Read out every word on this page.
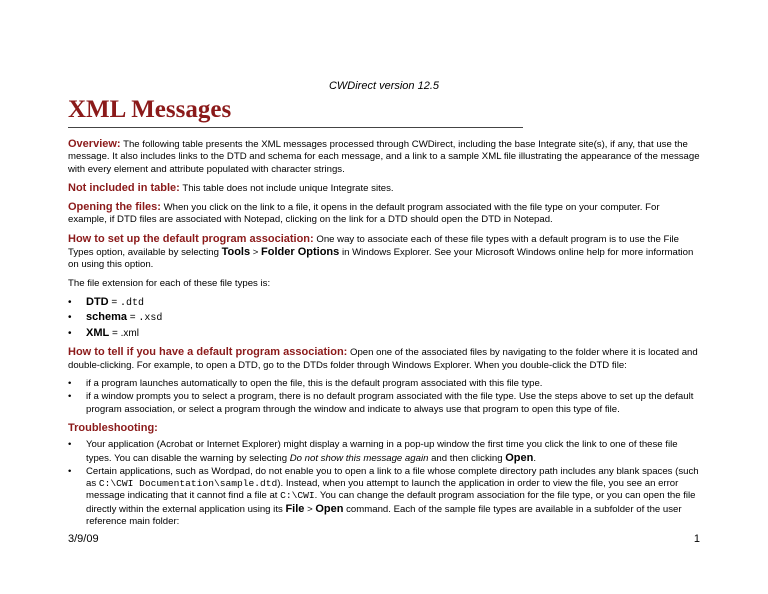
CWDirect version 12.5
XML Messages

Overview: The following table presents the XML messages processed through CWDirect, including the base Integrate site(s), if any, that use the message. It also includes links to the DTD and schema for each message, and a link to a sample XML file illustrating the appearance of the message with every element and attribute populated with character strings.

Not included in table: This table does not include unique Integrate sites.

Opening the files: When you click on the link to a file, it opens in the default program associated with the file type on your computer. For example, if DTD files are associated with Notepad, clicking on the link for a DTD should open the DTD in Notepad.

How to set up the default program association: One way to associate each of these file types with a default program is to use the File Types option, available by selecting Tools > Folder Options in Windows Explorer. See your Microsoft Windows online help for more information on using this option.

The file extension for each of these file types is:

• DTD = .dtd
• schema = .xsd
• XML = .xml

How to tell if you have a default program association: Open one of the associated files by navigating to the folder where it is located and double-clicking. For example, to open a DTD, go to the DTDs folder through Windows Explorer. When you double-click the DTD file:

• if a program launches automatically to open the file, this is the default program associated with this file type.
• if a window prompts you to select a program, there is no default program associated with the file type. Use the steps above to set up the default program association, or select a program through the window and indicate to always use that program to open this type of file.

Troubleshooting:

• Your application (Acrobat or Internet Explorer) might display a warning in a pop-up window the first time you click the link to one of these file types. You can disable the warning by selecting Do not show this message again and then clicking Open.
• Certain applications, such as Wordpad, do not enable you to open a link to a file whose complete directory path includes any blank spaces (such as C:\CWI Documentation\sample.dtd). Instead, when you attempt to launch the application in order to view the file, you see an error message indicating that it cannot find a file at C:\CWI. You can change the default program association for the file type, or you can open the file directly within the external application using its File > Open command. Each of the sample file types are available in a subfolder of the user reference main folder:
3/9/09	1
